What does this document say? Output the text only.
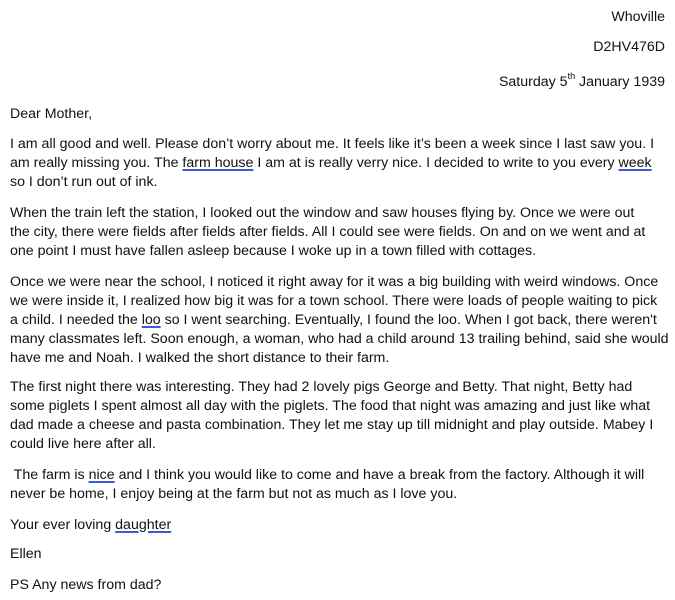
Whoville
D2HV476D
Saturday 5th January 1939
Dear Mother,
I am all good and well. Please don’t worry about me. It feels like it’s been a week since I last saw you. I
am really missing you. The farm house I am at is really verry nice. I decided to write to you every week
so I don’t run out of ink.
When the train left the station, I looked out the window and saw houses flying by. Once we were out
the city, there were fields after fields after fields. All I could see were fields. On and on we went and at
one point I must have fallen asleep because I woke up in a town filled with cottages.
Once we were near the school, I noticed it right away for it was a big building with weird windows. Once
we were inside it, I realized how big it was for a town school. There were loads of people waiting to pick
a child. I needed the loo so I went searching. Eventually, I found the loo. When I got back, there weren't
many classmates left. Soon enough, a woman, who had a child around 13 trailing behind, said she would
have me and Noah. I walked the short distance to their farm.
The first night there was interesting. They had 2 lovely pigs George and Betty. That night, Betty had
some piglets I spent almost all day with the piglets. The food that night was amazing and just like what
dad made a cheese and pasta combination. They let me stay up till midnight and play outside. Mabey I
could live here after all.
The farm is nice and I think you would like to come and have a break from the factory. Although it will
never be home, I enjoy being at the farm but not as much as I love you.
Your ever loving daughter
Ellen
PS Any news from dad?
